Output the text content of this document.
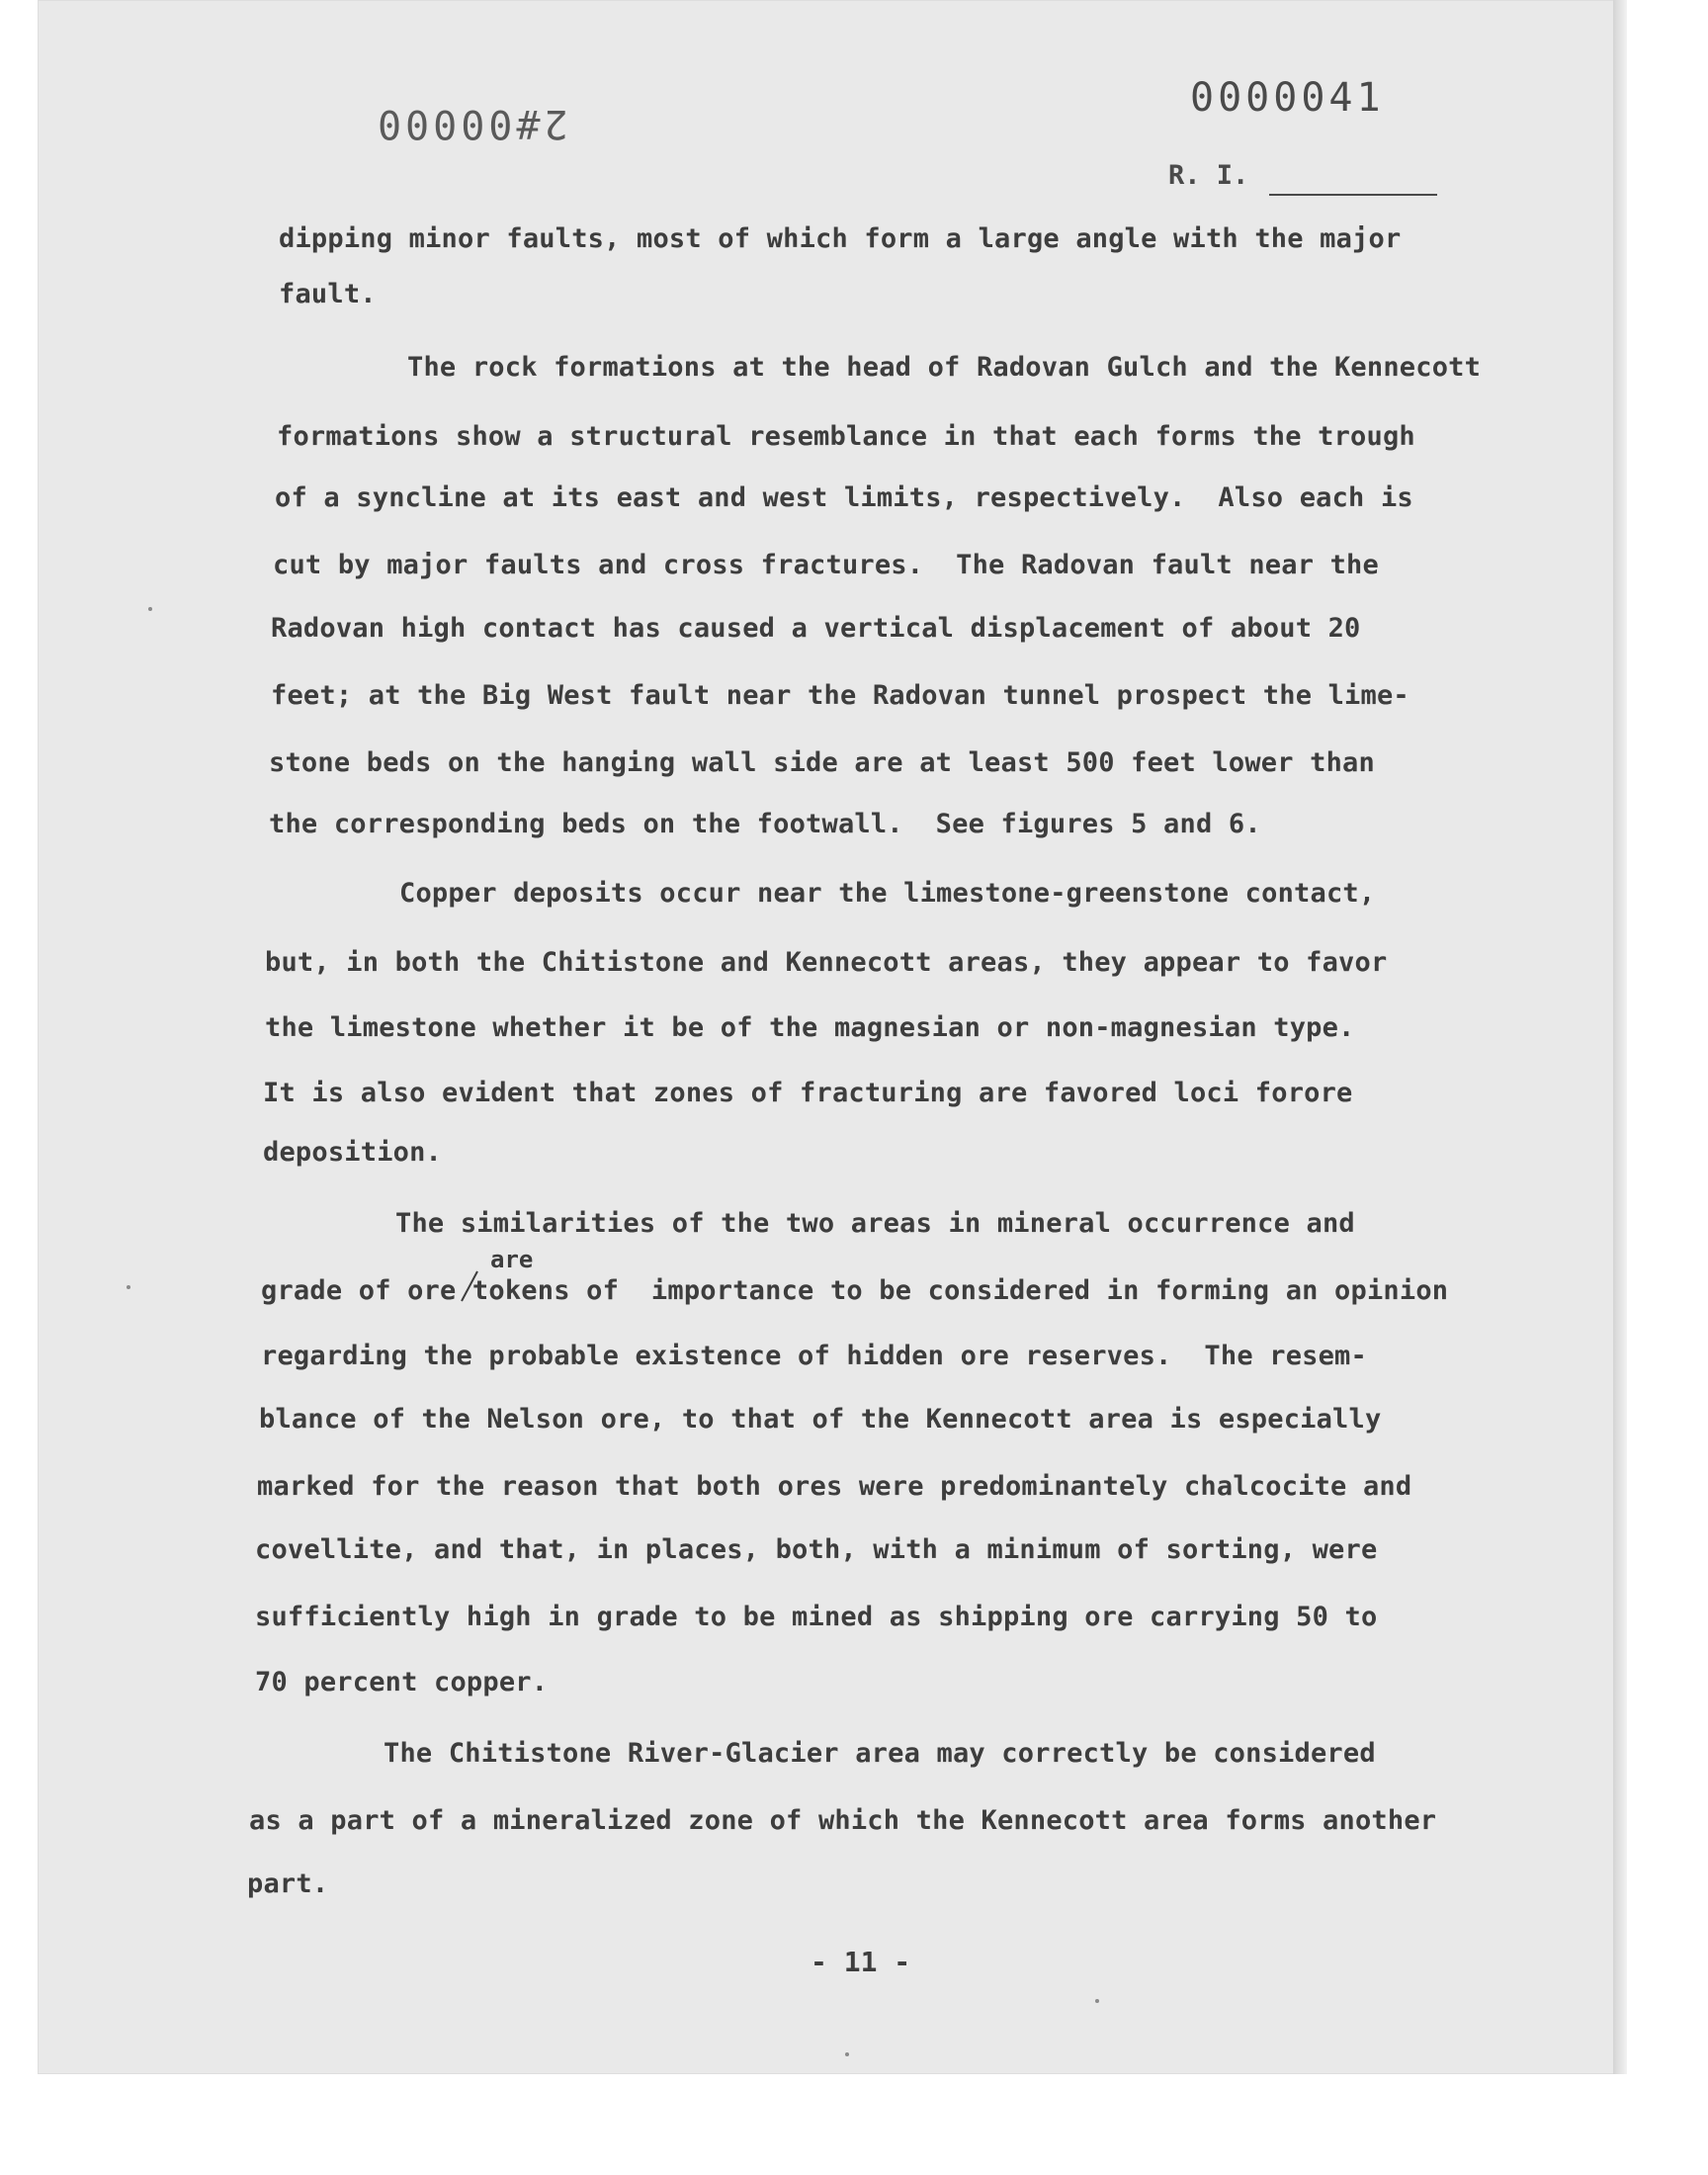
2#00000
0000041
R. I.
dipping minor faults, most of which form a large angle with the major
fault.
The rock formations at the head of Radovan Gulch and the Kennecott
formations show a structural resemblance in that each forms the trough
of a syncline at its east and west limits, respectively.  Also each is
cut by major faults and cross fractures.  The Radovan fault near the
Radovan high contact has caused a vertical displacement of about 20
feet; at the Big West fault near the Radovan tunnel prospect the lime-
stone beds on the hanging wall side are at least 500 feet lower than
the corresponding beds on the footwall.  See figures 5 and 6.
Copper deposits occur near the limestone-greenstone contact,
but, in both the Chitistone and Kennecott areas, they appear to favor
the limestone whether it be of the magnesian or non-magnesian type.
It is also evident that zones of fracturing are favored loci forore
deposition.
The similarities of the two areas in mineral occurrence and
are
grade of ore tokens of  importance to be considered in forming an opinion
regarding the probable existence of hidden ore reserves.  The resem-
blance of the Nelson ore, to that of the Kennecott area is especially
marked for the reason that both ores were predominantely chalcocite and
covellite, and that, in places, both, with a minimum of sorting, were
sufficiently high in grade to be mined as shipping ore carrying 50 to
70 percent copper.
The Chitistone River-Glacier area may correctly be considered
as a part of a mineralized zone of which the Kennecott area forms another
part.
- 11 -
